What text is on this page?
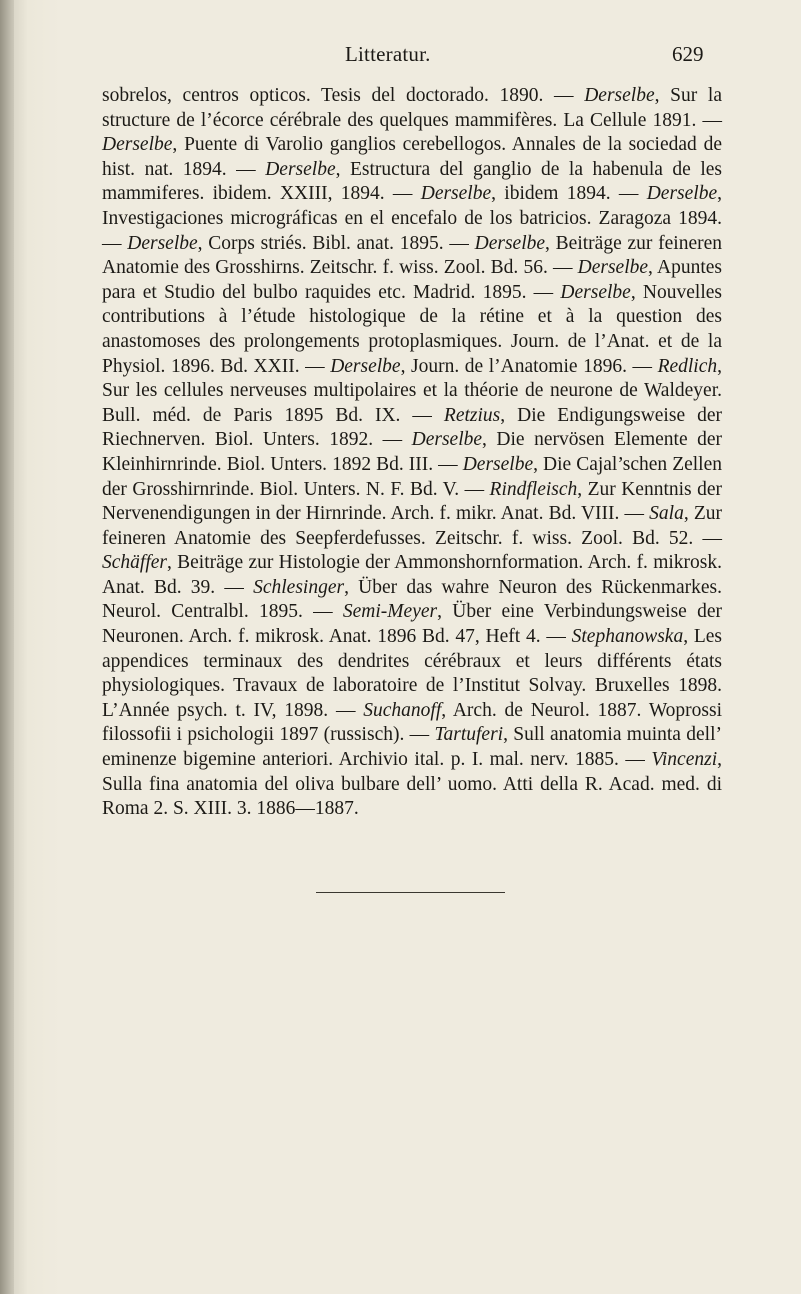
Litteratur.	629
sobrelos, centros opticos. Tesis del doctorado. 1890. — Derselbe, Sur la structure de l’écorce cérébrale des quelques mammifères. La Cellule 1891. — Derselbe, Puente di Varolio ganglios cerebellogos. Annales de la sociedad de hist. nat. 1894. — Derselbe, Estructura del ganglio de la habenula de les mammiferes. ibidem. XXIII, 1894. — Derselbe, ibidem 1894. — Derselbe, Investigaciones micrográficas en el encefalo de los batricios. Zaragoza 1894. — Derselbe, Corps striés. Bibl. anat. 1895. — Derselbe, Beiträge zur feineren Anatomie des Grosshirns. Zeitschr. f. wiss. Zool. Bd. 56. — Derselbe, Apuntes para et Studio del bulbo raquides etc. Madrid. 1895. — Derselbe, Nouvelles contributions à l’étude histologique de la rétine et à la question des anastomoses des prolongements protoplasmiques. Journ. de l’Anat. et de la Physiol. 1896. Bd. XXII. — Derselbe, Journ. de l’Anatomie 1896. — Redlich, Sur les cellules nerveuses multipolaires et la théorie de neurone de Waldeyer. Bull. méd. de Paris 1895 Bd. IX. — Retzius, Die Endigungsweise der Riechnerven. Biol. Unters. 1892. — Derselbe, Die nervösen Elemente der Kleinhirnrinde. Biol. Unters. 1892 Bd. III. — Derselbe, Die Cajal’schen Zellen der Grosshirnrinde. Biol. Unters. N. F. Bd. V. — Rindfleisch, Zur Kenntnis der Nervenendigungen in der Hirnrinde. Arch. f. mikr. Anat. Bd. VIII. — Sala, Zur feineren Anatomie des Seepferdefusses. Zeitschr. f. wiss. Zool. Bd. 52. — Schäffer, Beiträge zur Histologie der Ammonshornformation. Arch. f. mikrosk. Anat. Bd. 39. — Schlesinger, Über das wahre Neuron des Rückenmarkes. Neurol. Centralbl. 1895. — Semi-Meyer, Über eine Verbindungsweise der Neuronen. Arch. f. mikrosk. Anat. 1896 Bd. 47, Heft 4. — Stephanowska, Les appendices terminaux des dendrites cérébraux et leurs différents états physiologiques. Travaux de laboratoire de l’Institut Solvay. Bruxelles 1898. L’Année psych. t. IV, 1898. — Suchanoff, Arch. de Neurol. 1887. Woprossi filossofii i psichologii 1897 (russisch). — Tartuferi, Sull anatomia muinta dell’ eminenze bigemine anteriori. Archivio ital. p. I. mal. nerv. 1885. — Vincenzi, Sulla fina anatomia del oliva bulbare dell’ uomo. Atti della R. Acad. med. di Roma 2. S. XIII. 3. 1886—1887.
